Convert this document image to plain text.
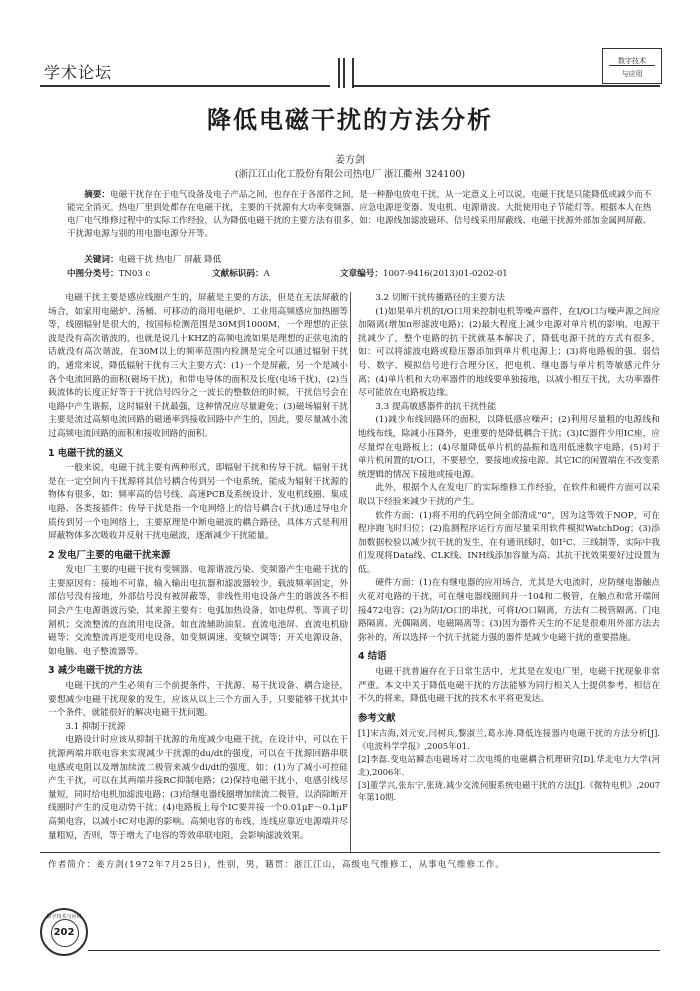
学术论坛
数字技术
与应用
降低电磁干扰的方法分析
姜方剑
(浙江江山化工股份有限公司热电厂 浙江衢州 324100)
摘要：电磁干扰存在于电气设备及电子产品之间，也存在于各部件之间，是一种静电放电干扰，从一定意义上可以说，电磁干扰是只能降低或减少而不能完全消灭。热电厂里到处都存在电磁干扰，主要的干扰源有大功率变频器、应急电源逆变器、发电机、电源谐波、大批使用电子节能灯等。根据本人在热电厂电气维修过程中的实际工作经验，认为降低电磁干扰的主要方法有很多，如：电源线加滤波磁环、信号线采用屏蔽线、电磁干扰源外部加金属网屏蔽、干扰源电源与别的用电器电源分开等。
关键词：电磁干扰 热电厂 屏蔽 降低
中图分类号：TN03 c	文献标识码：A	文章编号：1007-9416(2013)01-0202-01

电磁干扰主要是感应线圈产生的，屏蔽是主要的方法，但是在无法屏蔽的场合，如家用电磁炉、汤桶、可移动的商用电磁炉、工业用高频感应加热圈等等，线圈辐射是很大的，按国标检测范围是30M到1000M，一个理想的正弦波是没有高次谐波的，也就是说几十KHZ的高频电流如果是理想的正弦电流的话就没有高次谐波，在30M以上的频率范围内检测是完全可以通过辐射干扰的，通常来说，降低辐射干扰有三大主要方式：(1)一个是屏蔽，另一个是减小各个电流回路的面积(磁场干扰)，和带电导体的面积及长度(电场干扰)，(2)当载流体的长度正好等于干扰信号四分之一波长的整数倍的时候，干扰信号会在电路中产生谐振，这时辐射干扰最强，这种情况应尽量避免；(3)磁场辐射干扰主要是流过高频电流回路的磁通率到接收回路中产生的，因此，要尽量减小流过高频电流回路的面积和接收回路的面积。

1 电磁干扰的涵义

一般来说，电磁干扰主要有两种形式，即辐射干扰和传导干扰。辐射干扰是在一定空间内干扰源将其信号耦合传到另一个电系统，能成为辐射干扰源的物体有很多，如：频率高的信号线、高速PCB及系统设计、发电机线圈、集成电路、各类接插件；传导干扰是指一个电网络上的信号耦合(干扰)通过导电介质传到另一个电网络上，主要原理是中断电磁波的耦合路径，具体方式是利用屏蔽物体多次吸收并反射干扰电磁波，逐渐减少干扰能量。

2 发电厂主要的电磁干扰来源

发电厂主要的电磁干扰有变频器、电源谐波污染、变频器产生电磁干扰的主要原因有：接地不可靠，输入输出电抗器和滤波器较少，载波频率固定，外部信号没有接地，外部信号没有被屏蔽等，非线性用电设备产生的谐波各不相同会产生电源谐波污染，其来源主要有：电弧加热设备，如电焊机、等离子切割机；交流整流的直流用电设备，如直流辅助油泵、直流电池屏、直流电机励磁等；交流整流再逆变用电设备，如变频调速、变频空调等；开关电源设备，如电脑、电子整流器等。

3 减少电磁干扰的方法

电磁干扰的产生必须有三个前提条件，干扰源、易干扰设备、耦合途径，要想减少电磁干扰现象的发生，应该从以上三个方面入手，只要能够干扰其中一个条件，就能很好的解决电磁干扰问题。

3.1 抑制干扰源

电路设计时应该从抑制干扰源的角度减少电磁干扰，在设计中，可以在干扰源两端并联电容来实现减少干扰源的du/dt的强度，可以在干扰源回路串联电感或电阻以及增加续流二极管来减少di/dt的强度，如：(1)为了减小可控硅产生干扰，可以在其两端并接RC抑制电路；(2)保持电磁干扰小，电感引线尽量短，同时给电机加滤波电路；(3)给继电器线圈增加续流二极管，以消除断开线圈时产生的反电动势干扰；(4)电路板上每个IC要并接一个0.01μF～0.1μF高频电容，以减小IC对电源的影响。高频电容的布线，连线应靠近电源端并尽量粗短，否则，等于增大了电容的等效串联电阻，会影响滤波效果。

3.2 切断干扰传播路径的主要方法

(1)如果单片机的I/O口用来控制电机等噪声器件，在I/O口与噪声源之间应加隔离(增加π形滤波电路)；(2)最大程度上减少电源对单片机的影响。电源干扰减少了，整个电路的抗干扰就基本解决了，降低电源干扰的方式有很多，如：可以将滤波电路或稳压器添加到单片机电源上；(3)将电路板的强、弱信号、数字、模拟信号进行合理分区，把电机、继电器与单片机等敏感元件分离；(4)单片机和大功率器件的地线要单独接地，以减小相互干扰，大功率器件尽可能放在电路板边缘。

3.3 提高敏感器件的抗干扰性能

(1)减少布线回路环的面积，以降低感应噪声；(2)利用尽量粗的电源线和地线布线，除减小压降外，更重要的是降低耦合干扰；(3)IC器件少用IC座，应尽量焊在电路板上；(4)尽量降低单片机的晶振和选用低速数字电路，(5)对于单片机闲置的I/O口，不要悬空，要接地或接电源。其它IC的闲置端在不改变系统逻辑的情况下接地或接电源。

此外，根据个人在发电厂的实际维修工作经验，在软件和硬件方面可以采取以下经验来减少干扰的产生。

软件方面：(1)将不用的代码空间全部清成“0”，因为这等效于NOP，可在程序跑飞时归位；(2)监测程序运行方面尽量采用软件模拟WatchDog；(3)添加数据校验以减少抗干扰的发生，在有通讯线时，如I²C、三线制等，实际中我们发现将Data线、CLK线、INH线添加容量为高、其抗干扰效果要好过设置为低。

硬件方面：(1)在有继电器的应用场合，尤其是大电流时，应防继电器触点火花对电路的干扰，可在继电器线圈间并一104和二极管，在触点和常开端间接472电容；(2)为防I/O口的串扰，可将I/O口隔离，方法有二极管隔离、门电路隔离、光偶隔离、电磁隔离等；(3)因为器件天生的不足是很难用外部方法去弥补的，所以选择一个抗干扰能力强的器件是减少电磁干扰的重要措施。

4 结语

电磁干扰普遍存在于日常生活中，尤其是在发电厂里，电磁干扰现象非常严重。本文中关于降低电磁干扰的方法能够为同行相关人士提供参考，相信在不久的将来，降低电磁干扰的技术水平将更发达。

参考文献

[1]宋古海,刘元安,闫树兵,黎淑兰,葛永涛.降低连接器内电磁干扰的方法分析[J].《电波科学学报》,2005年01.

[2]李磊.变电站瞬态电磁场对二次电缆的电磁耦合机理研究[D].华北电力大学(河北),2006年.

[3]董学兴,张东宁,张珑.减少交流伺服系统电磁干扰的方法[J].《微特电机》,2007年第10期.

作者简介：姜方剑(1972年7月25日)，性别，男，籍贯：浙江江山，高级电气维修工，从事电气维修工作。
数字技术与应用
202
